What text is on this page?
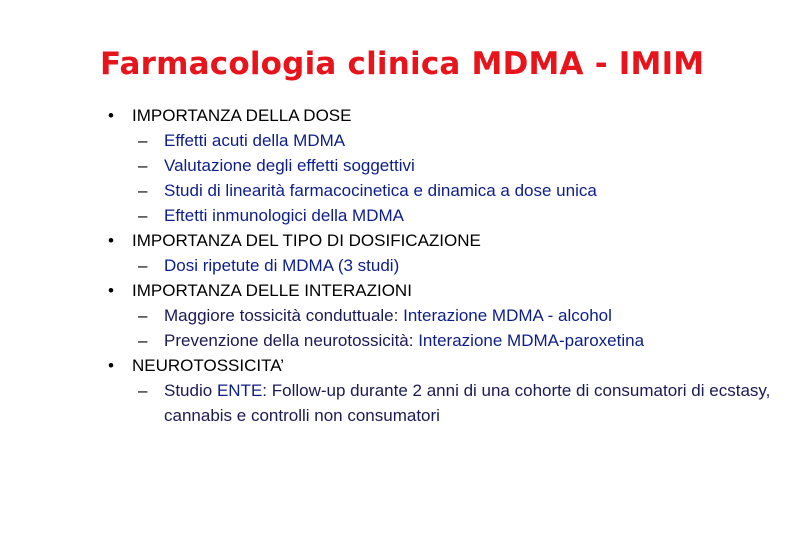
Farmacologia clinica MDMA - IMIM
• IMPORTANZA DELLA DOSE
– Effetti acuti della MDMA
– Valutazione degli effetti soggettivi
– Studi di linearità farmacocinetica e dinamica a dose unica
– Eftetti inmunologici della MDMA
• IMPORTANZA DEL TIPO DI DOSIFICAZIONE
– Dosi ripetute di MDMA (3 studi)
• IMPORTANZA DELLE INTERAZIONI
– Maggiore tossicità conduttuale: Interazione MDMA - alcohol
– Prevenzione della neurotossicità: Interazione MDMA-paroxetina
• NEUROTOSSICITA’
– Studio ENTE: Follow-up durante 2 anni di una cohorte di consumatori di ecstasy, cannabis e controlli non consumatori
